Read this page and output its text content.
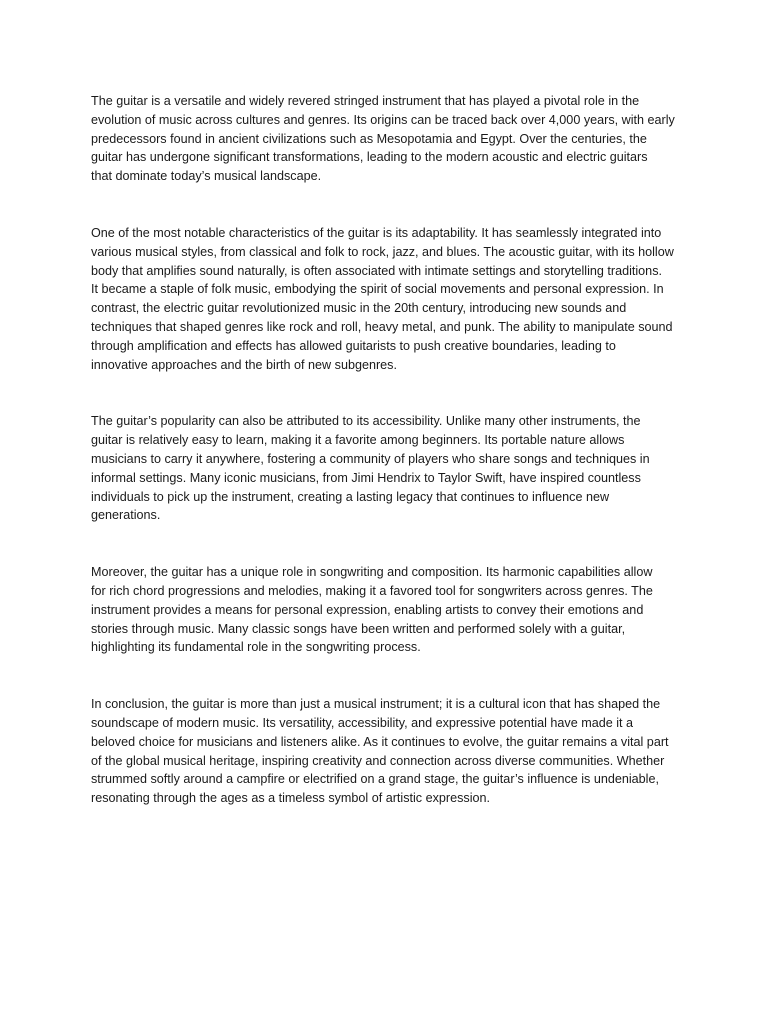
The guitar is a versatile and widely revered stringed instrument that has played a pivotal role in the
evolution of music across cultures and genres. Its origins can be traced back over 4,000 years, with early
predecessors found in ancient civilizations such as Mesopotamia and Egypt. Over the centuries, the
guitar has undergone significant transformations, leading to the modern acoustic and electric guitars
that dominate today’s musical landscape.

One of the most notable characteristics of the guitar is its adaptability. It has seamlessly integrated into
various musical styles, from classical and folk to rock, jazz, and blues. The acoustic guitar, with its hollow
body that amplifies sound naturally, is often associated with intimate settings and storytelling traditions.
It became a staple of folk music, embodying the spirit of social movements and personal expression. In
contrast, the electric guitar revolutionized music in the 20th century, introducing new sounds and
techniques that shaped genres like rock and roll, heavy metal, and punk. The ability to manipulate sound
through amplification and effects has allowed guitarists to push creative boundaries, leading to
innovative approaches and the birth of new subgenres.

The guitar’s popularity can also be attributed to its accessibility. Unlike many other instruments, the
guitar is relatively easy to learn, making it a favorite among beginners. Its portable nature allows
musicians to carry it anywhere, fostering a community of players who share songs and techniques in
informal settings. Many iconic musicians, from Jimi Hendrix to Taylor Swift, have inspired countless
individuals to pick up the instrument, creating a lasting legacy that continues to influence new
generations.

Moreover, the guitar has a unique role in songwriting and composition. Its harmonic capabilities allow
for rich chord progressions and melodies, making it a favored tool for songwriters across genres. The
instrument provides a means for personal expression, enabling artists to convey their emotions and
stories through music. Many classic songs have been written and performed solely with a guitar,
highlighting its fundamental role in the songwriting process.

In conclusion, the guitar is more than just a musical instrument; it is a cultural icon that has shaped the
soundscape of modern music. Its versatility, accessibility, and expressive potential have made it a
beloved choice for musicians and listeners alike. As it continues to evolve, the guitar remains a vital part
of the global musical heritage, inspiring creativity and connection across diverse communities. Whether
strummed softly around a campfire or electrified on a grand stage, the guitar’s influence is undeniable,
resonating through the ages as a timeless symbol of artistic expression.
